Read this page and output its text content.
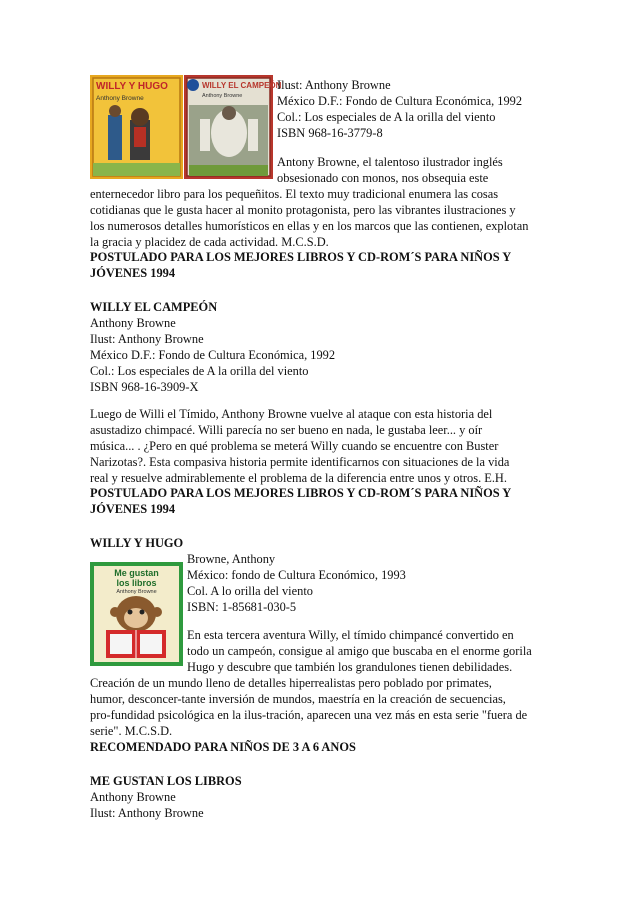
WILLY Y HUGO
Anthony Browne
WILLY EL CAMPEÓN
Anthony Browne

Ilust: Anthony Browne

México D.F.: Fondo de Cultura Económica, 1992

Col.: Los especiales de A la orilla del viento

ISBN 968-16-3779-8

Antony Browne, el talentoso ilustrador inglés

obsesionado con monos, nos obsequia este

enternecedor libro para los pequeñitos. El texto muy tradicional enumera las cosas

cotidianas que le gusta hacer al monito protagonista, pero las vibrantes ilustraciones y

los numerosos detalles humorísticos en ellas y en los marcos que las contienen, explotan

la gracia y placidez de cada actividad. M.C.S.D.

POSTULADO PARA LOS MEJORES LIBROS Y CD-ROM´S PARA NIÑOS Y

JÓVENES 1994

WILLY EL CAMPEÓN

Anthony Browne

Ilust: Anthony Browne

México D.F.: Fondo de Cultura Económica, 1992

Col.: Los especiales de A la orilla del viento

ISBN 968-16-3909-X

Luego de Willi el Tímido, Anthony Browne vuelve al ataque con esta historia del

asustadizo chimpacé. Willi parecía no ser bueno en nada, le gustaba leer... y oír

música... . ¿Pero en qué problema se meterá Willy cuando se encuentre con Buster

Narizotas?. Esta compasiva historia permite identificarnos con situaciones de la vida

real y resuelve admirablemente el problema de la diferencia entre unos y otros. E.H.

POSTULADO PARA LOS MEJORES LIBROS Y CD-ROM´S PARA NIÑOS Y

JÓVENES 1994

WILLY Y HUGO

Me gustan
los libros
Anthony Browne

Browne, Anthony

México: fondo de Cultura Económico, 1993

Col. A lo orilla del viento

ISBN: 1-85681-030-5

En esta tercera aventura Willy, el tímido chimpancé convertido en

todo un campeón, consigue al amigo que buscaba en el enorme gorila

Hugo y descubre que también los grandulones tienen debilidades.

Creación de un mundo lleno de detalles hiperrealistas pero poblado por primates,

humor, desconcer-tante inversión de mundos, maestría en la creación de secuencias,

pro-fundidad psicológica en la ilus-tración, aparecen una vez más en esta serie "fuera de

serie". M.C.S.D.

RECOMENDADO PARA NIÑOS DE 3 A 6 ANOS

ME GUSTAN LOS LIBROS

Anthony Browne

Ilust: Anthony Browne
